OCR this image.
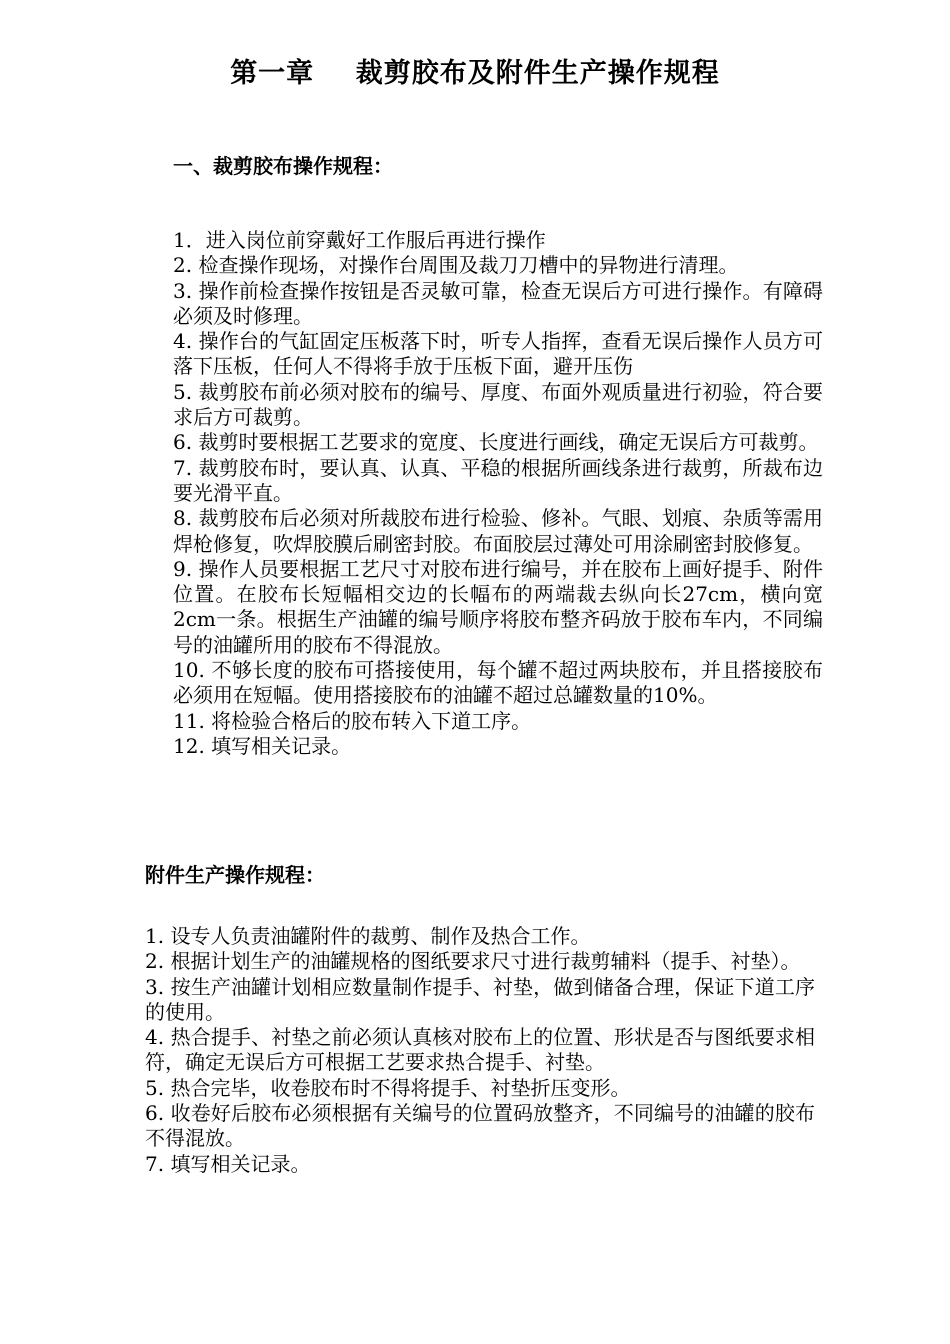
第一章    裁剪胶布及附件生产操作规程
一、裁剪胶布操作规程：
1．进入岗位前穿戴好工作服后再进行操作
2. 检查操作现场，对操作台周围及裁刀刀槽中的异物进行清理。
3. 操作前检查操作按钮是否灵敏可靠，检查无误后方可进行操作。有障碍必须及时修理。
4. 操作台的气缸固定压板落下时，听专人指挥，查看无误后操作人员方可落下压板，任何人不得将手放于压板下面，避开压伤
5. 裁剪胶布前必须对胶布的编号、厚度、布面外观质量进行初验，符合要求后方可裁剪。
6. 裁剪时要根据工艺要求的宽度、长度进行画线，确定无误后方可裁剪。
7. 裁剪胶布时，要认真、认真、平稳的根据所画线条进行裁剪，所裁布边要光滑平直。
8. 裁剪胶布后必须对所裁胶布进行检验、修补。气眼、划痕、杂质等需用焊枪修复，吹焊胶膜后刷密封胶。布面胶层过薄处可用涂刷密封胶修复。
9. 操作人员要根据工艺尺寸对胶布进行编号，并在胶布上画好提手、附件位置。在胶布长短幅相交边的长幅布的两端裁去纵向长27cm，横向宽2cm一条。根据生产油罐的编号顺序将胶布整齐码放于胶布车内，不同编号的油罐所用的胶布不得混放。
10. 不够长度的胶布可搭接使用，每个罐不超过两块胶布，并且搭接胶布必须用在短幅。使用搭接胶布的油罐不超过总罐数量的10%。
11. 将检验合格后的胶布转入下道工序。
12. 填写相关记录。
附件生产操作规程：
1. 设专人负责油罐附件的裁剪、制作及热合工作。
2. 根据计划生产的油罐规格的图纸要求尺寸进行裁剪辅料（提手、衬垫）。
3. 按生产油罐计划相应数量制作提手、衬垫，做到储备合理，保证下道工序的使用。
4. 热合提手、衬垫之前必须认真核对胶布上的位置、形状是否与图纸要求相符，确定无误后方可根据工艺要求热合提手、衬垫。
5. 热合完毕，收卷胶布时不得将提手、衬垫折压变形。
6. 收卷好后胶布必须根据有关编号的位置码放整齐，不同编号的油罐的胶布不得混放。
7. 填写相关记录。
